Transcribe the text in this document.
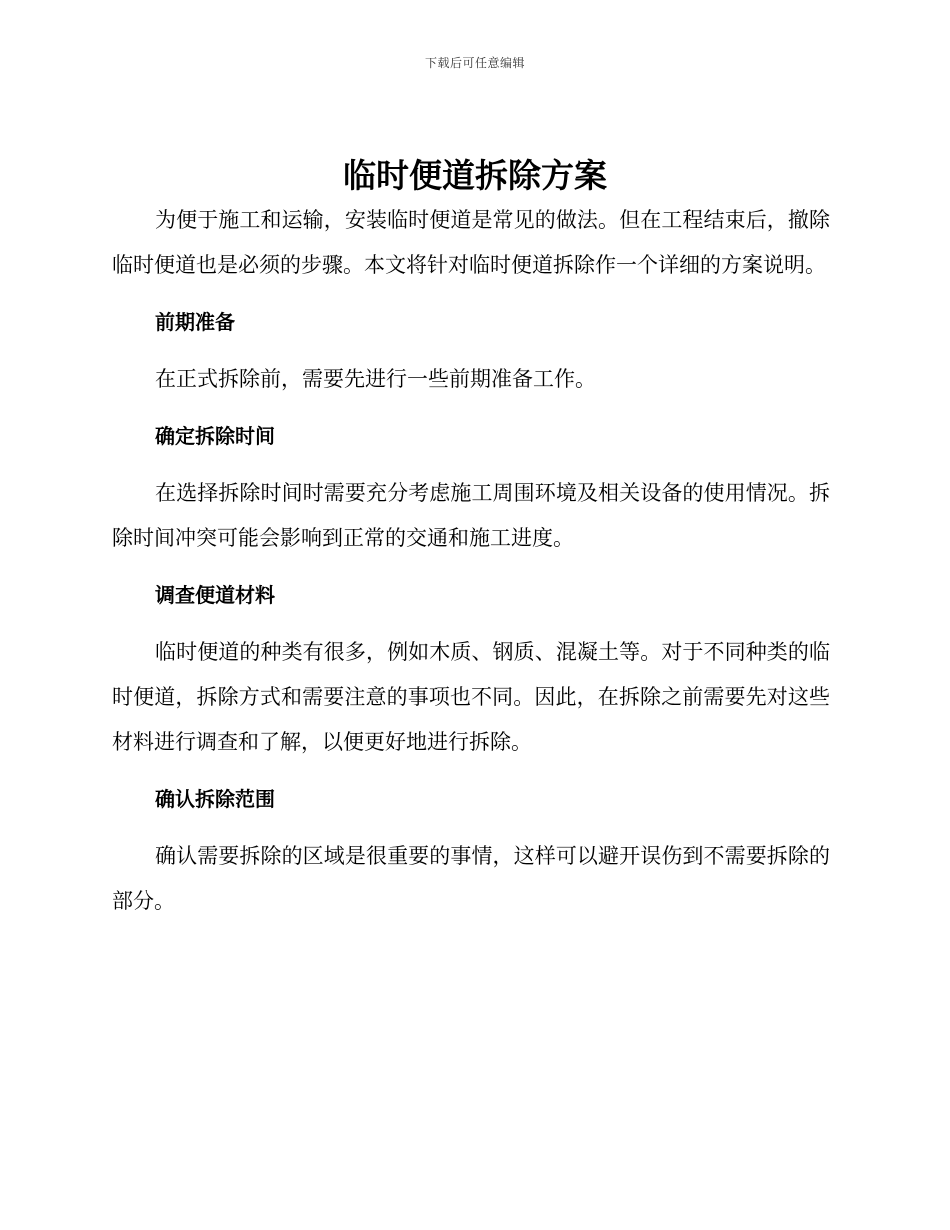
下载后可任意编辑
临时便道拆除方案

为便于施工和运输，安装临时便道是常见的做法。但在工程结束后，撤除临时便道也是必须的步骤。本文将针对临时便道拆除作一个详细的方案说明。

前期准备

在正式拆除前，需要先进行一些前期准备工作。

确定拆除时间

在选择拆除时间时需要充分考虑施工周围环境及相关设备的使用情况。拆除时间冲突可能会影响到正常的交通和施工进度。

调查便道材料

临时便道的种类有很多，例如木质、钢质、混凝土等。对于不同种类的临时便道，拆除方式和需要注意的事项也不同。因此，在拆除之前需要先对这些材料进行调查和了解，以便更好地进行拆除。

确认拆除范围

确认需要拆除的区域是很重要的事情，这样可以避开误伤到不需要拆除的部分。
